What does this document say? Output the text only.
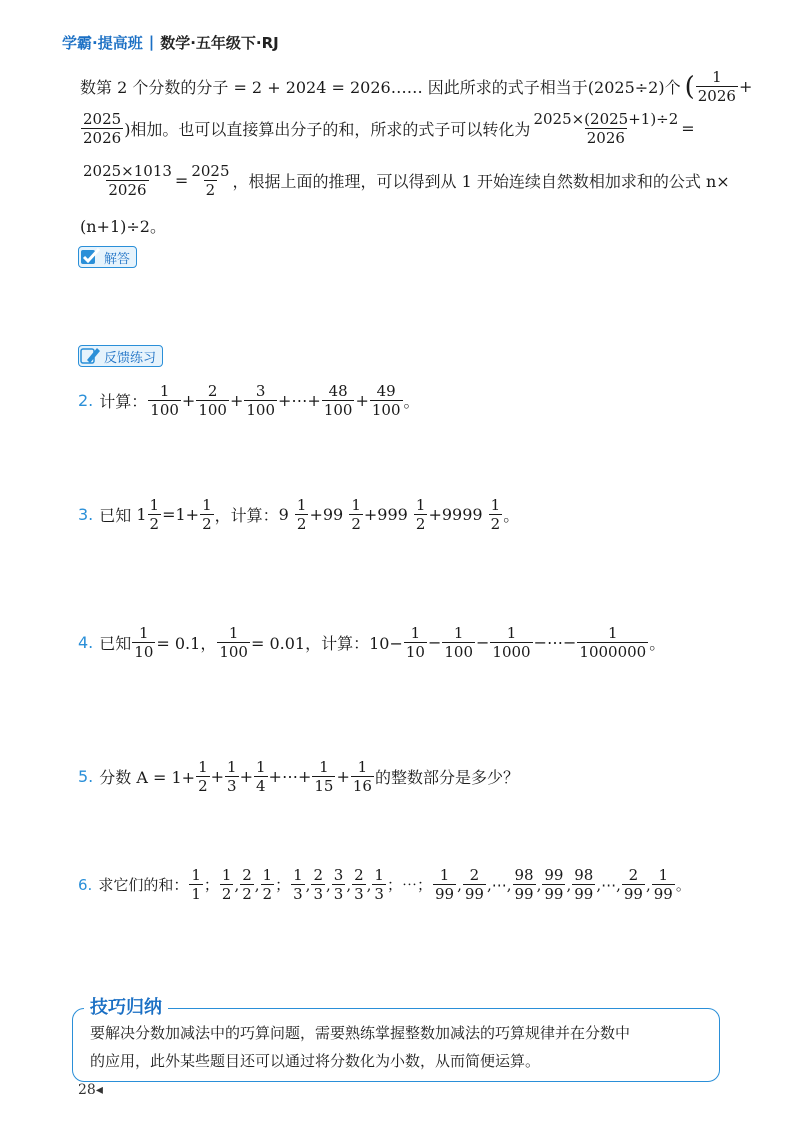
学霸·提高班 | 数学·五年级下·RJ
数第 2 个分数的分子 = 2 + 2024 = 2026…… 因此所求的式子相当于(2025÷2)个 ( $\frac{1}{2026}$ +
$\frac{2025}{2026}$ )相加。也可以直接算出分子的和，所求的式子可以转化为 $\frac{2025\times(2025+1)\div 2}{2026}$ =
$\frac{2025\times 1013}{2026} = \frac{2025}{2}$ ，根据上面的推理，可以得到从 1 开始连续自然数相加求和的公式 n×
(n+1)÷2。
解答
反馈练习
2. 计算： $\frac{1}{100} + \frac{2}{100} + \frac{3}{100}$ +⋯+ $\frac{48}{100} + \frac{49}{100}$ 。
3. 已知 $1 \frac{1}{2} =1+ \frac{1}{2}$ ，计算： $9 \frac{1}{2} + 99 \frac{1}{2} + 999 \frac{1}{2} + 9999 \frac{1}{2}$ 。
4. 已知 $\frac{1}{10} = 0.1$， $\frac{1}{100} = 0.01$，计算：$10- \frac{1}{10} - \frac{1}{100} - \frac{1}{1000}$ −⋯− $\frac{1}{1000000}$ 。
5. 分数 $A = 1+ \frac{1}{2} + \frac{1}{3} + \frac{1}{4}$ +⋯+ $\frac{1}{15} + \frac{1}{16}$ 的整数部分是多少？
6. 求它们的和： $\frac{1}{1}$ ； $\frac{1}{2}$ , $\frac{2}{2}$ , $\frac{1}{2}$ ； $\frac{1}{3}$ , $\frac{2}{3}$ , $\frac{3}{3}$ , $\frac{2}{3}$ , $\frac{1}{3}$ ；⋯； $\frac{1}{99}$ , $\frac{2}{99}$ ,⋯, $\frac{98}{99}$ , $\frac{99}{99}$ , $\frac{98}{99}$ ,⋯, $\frac{2}{99}$ , $\frac{1}{99}$ 。
技巧归纳
要解决分数加减法中的巧算问题，需要熟练掌握整数加减法的巧算规律并在分数中
的应用，此外某些题目还可以通过将分数化为小数，从而简便运算。
28◂
